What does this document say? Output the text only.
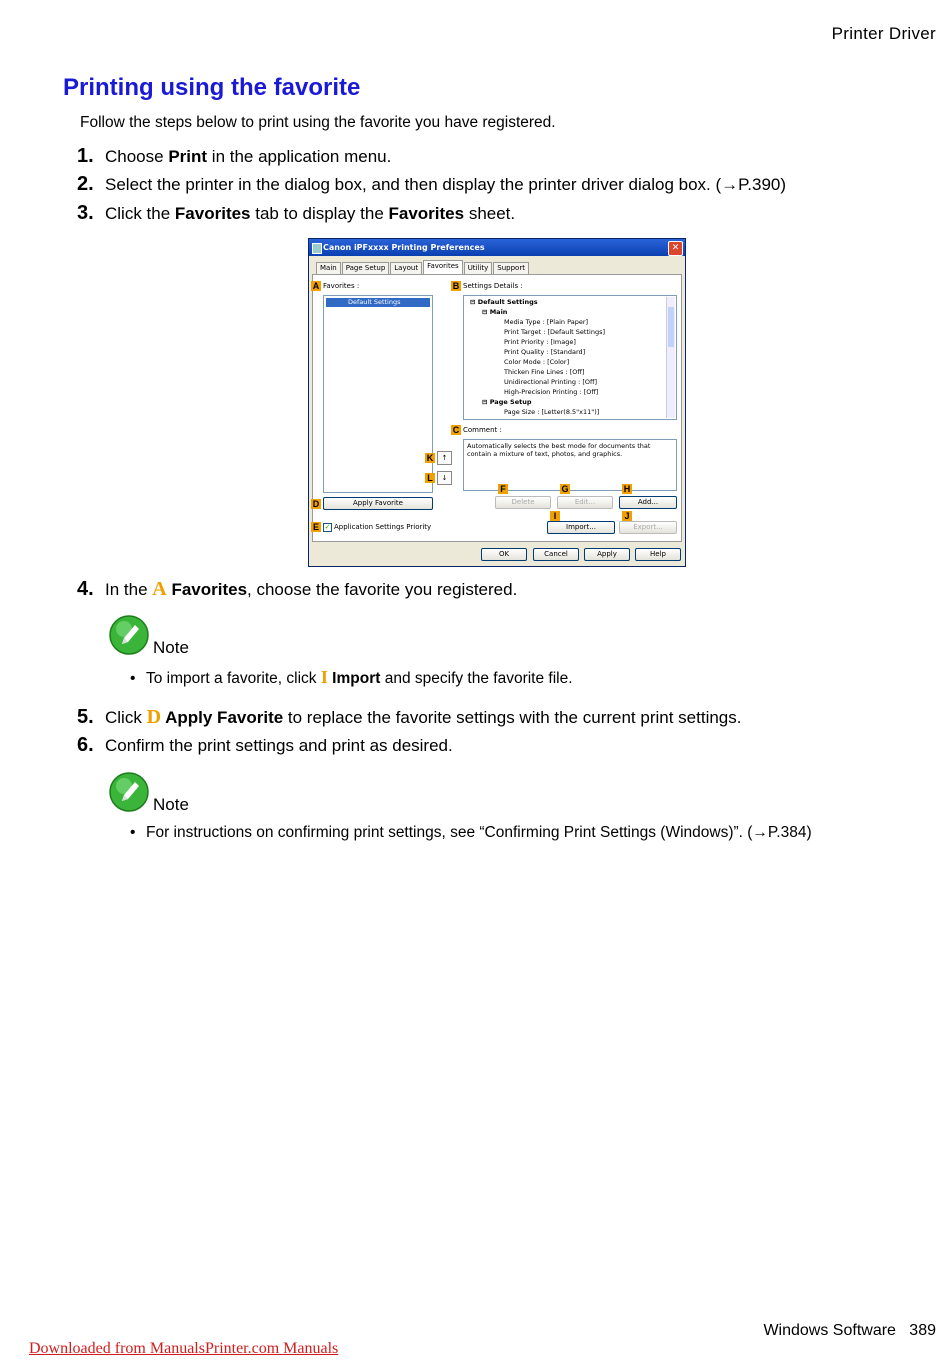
Printer Driver
Printing using the favorite
Follow the steps below to print using the favorite you have registered.
1. Choose Print in the application menu.
2. Select the printer in the dialog box, and then display the printer driver dialog box. (→P.390)
3. Click the Favorites tab to display the Favorites sheet.
Canon iPFxxxx Printing Preferences	✕
Main Page Setup Layout Favorites Utility Support
A Favorites :
Default Settings
B Settings Details :
⊟ Default Settings
⊟ Main
Media Type : [Plain Paper]
Print Target : [Default Settings]
Print Priority : [Image]
Print Quality : [Standard]
Color Mode : [Color]
Thicken Fine Lines : [Off]
Unidirectional Printing : [Off]
High-Precision Printing : [Off]
⊟ Page Setup
Page Size : [Letter(8.5"x11")]
C Comment :
Automatically selects the best mode for documents that contain a mixture of text, photos, and graphics.
K	↑
L	↓
F	G	H
D	Apply Favorite	Delete	Edit...	Add...
I	J
E ✓ Application Settings Priority	Import...	Export...
OK	Cancel	Apply	Help
4. In the A Favorites, choose the favorite you registered.
Note
• To import a favorite, click I Import and specify the favorite file.
5. Click D Apply Favorite to replace the favorite settings with the current print settings.
6. Confirm the print settings and print as desired.
Note
• For instructions on confirming print settings, see “Confirming Print Settings (Windows)”. (→P.384)
Windows Software 389
Downloaded from ManualsPrinter.com Manuals
